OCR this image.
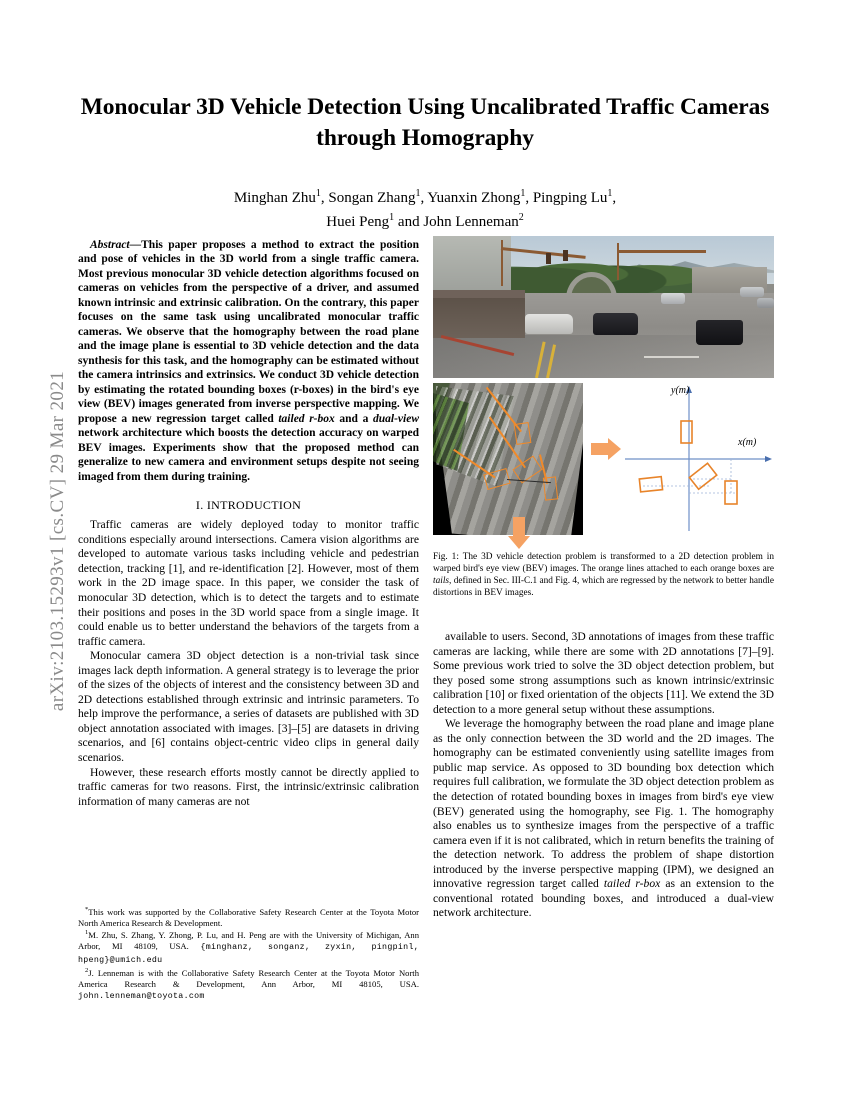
arXiv:2103.15293v1 [cs.CV] 29 Mar 2021
Monocular 3D Vehicle Detection Using Uncalibrated Traffic Cameras through Homography
Minghan Zhu$^1$, Songan Zhang$^1$, Yuanxin Zhong$^1$, Pingping Lu$^1$,
Huei Peng$^1$ and John Lenneman$^2$

Abstract—This paper proposes a method to extract the position and pose of vehicles in the 3D world from a single traffic camera. Most previous monocular 3D vehicle detection algorithms focused on cameras on vehicles from the perspective of a driver, and assumed known intrinsic and extrinsic calibration. On the contrary, this paper focuses on the same task using uncalibrated monocular traffic cameras. We observe that the homography between the road plane and the image plane is essential to 3D vehicle detection and the data synthesis for this task, and the homography can be estimated without the camera intrinsics and extrinsics. We conduct 3D vehicle detection by estimating the rotated bounding boxes (r-boxes) in the bird's eye view (BEV) images generated from inverse perspective mapping. We propose a new regression target called tailed r-box and a dual-view network architecture which boosts the detection accuracy on warped BEV images. Experiments show that the proposed method can generalize to new camera and environment setups despite not seeing imaged from them during training.

I. INTRODUCTION

Traffic cameras are widely deployed today to monitor traffic conditions especially around intersections. Camera vision algorithms are developed to automate various tasks including vehicle and pedestrian detection, tracking [1], and re-identification [2]. However, most of them work in the 2D image space. In this paper, we consider the task of monocular 3D detection, which is to detect the targets and to estimate their positions and poses in the 3D world space from a single image. It could enable us to better understand the behaviors of the targets from a traffic camera.

Monocular camera 3D object detection is a non-trivial task since images lack depth information. A general strategy is to leverage the prior of the sizes of the objects of interest and the consistency between 3D and 2D detections established through extrinsic and intrinsic parameters. To help improve the performance, a series of datasets are published with 3D object annotation associated with images. [3]–[5] are datasets in driving scenarios, and [6] contains object-centric video clips in general daily scenarios.

However, these research efforts mostly cannot be directly applied to traffic cameras for two reasons. First, the intrinsic/extrinsic calibration information of many cameras are not

*This work was supported by the Collaborative Safety Research Center at the Toyota Motor North America Research & Development.

$^1$M. Zhu, S. Zhang, Y. Zhong, P. Lu, and H. Peng are with the University of Michigan, Ann Arbor, MI 48109, USA. {minghanz, songanz, zyxin, pingpinl, hpeng}@umich.edu

$^2$J. Lenneman is with the Collaborative Safety Research Center at the Toyota Motor North America Research & Development, Ann Arbor, MI 48105, USA. john.lenneman@toyota.com

y(m)
x(m)
Fig. 1: The 3D vehicle detection problem is transformed to a 2D detection problem in warped bird's eye view (BEV) images. The orange lines attached to each orange boxes are tails, defined in Sec. III-C.1 and Fig. 4, which are regressed by the network to better handle distortions in BEV images.

available to users. Second, 3D annotations of images from these traffic cameras are lacking, while there are some with 2D annotations [7]–[9]. Some previous work tried to solve the 3D object detection problem, but they posed some strong assumptions such as known intrinsic/extrinsic calibration [10] or fixed orientation of the objects [11]. We extend the 3D detection to a more general setup without these assumptions.

We leverage the homography between the road plane and image plane as the only connection between the 3D world and the 2D images. The homography can be estimated conveniently using satellite images from public map service. As opposed to 3D bounding box detection which requires full calibration, we formulate the 3D object detection problem as the detection of rotated bounding boxes in images from bird's eye view (BEV) generated using the homography, see Fig. 1. The homography also enables us to synthesize images from the perspective of a traffic camera even if it is not calibrated, which in return benefits the training of the detection network. To address the problem of shape distortion introduced by the inverse perspective mapping (IPM), we designed an innovative regression target called tailed r-box as an extension to the conventional rotated bounding boxes, and introduced a dual-view network architecture.
